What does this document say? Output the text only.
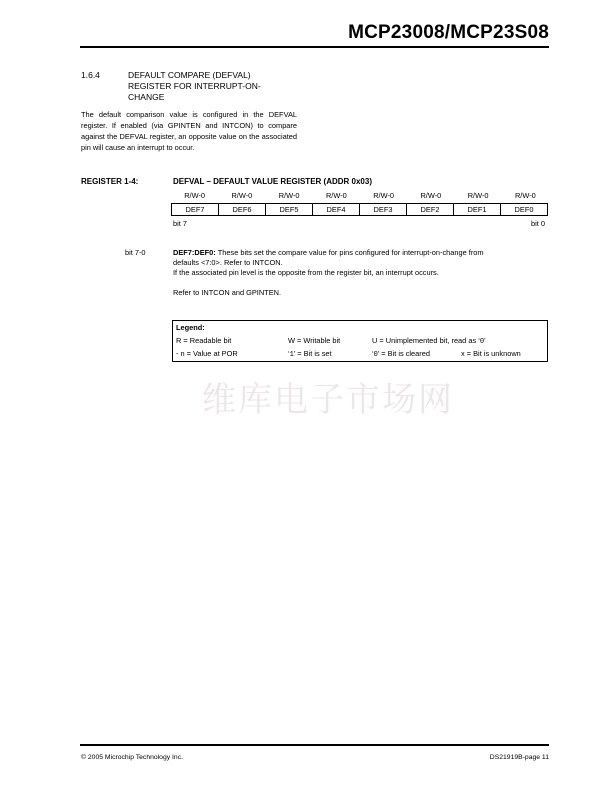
MCP23008/MCP23S08
1.6.4	DEFAULT COMPARE (DEFVAL)
REGISTER FOR INTERRUPT-ON-
CHANGE
The default comparison value is configured in the DEFVAL register. If enabled (via GPINTEN and INTCON) to compare against the DEFVAL register, an opposite value on the associated pin will cause an interrupt to occur.
REGISTER 1-4:	DEFVAL – DEFAULT VALUE REGISTER (ADDR 0x03)
R/W-0	R/W-0	R/W-0	R/W-0	R/W-0	R/W-0	R/W-0	R/W-0
DEF7	DEF6	DEF5	DEF4	DEF3	DEF2	DEF1	DEF0
bit 7	bit 0
bit 7-0	DEF7:DEF0: These bits set the compare value for pins configured for interrupt-on-change from

defaults <7:0>. Refer to INTCON.

If the associated pin level is the opposite from the register bit, an interrupt occurs.

Refer to INTCON and GPINTEN.

Legend:
R = Readable bit	W = Writable bit	U = Unimplemented bit, read as ‘0’
- n = Value at POR	‘1’ = Bit is set	‘0’ = Bit is cleared	x = Bit is unknown
维库电子市场网
© 2005 Microchip Technology Inc.	DS21919B-page 11
